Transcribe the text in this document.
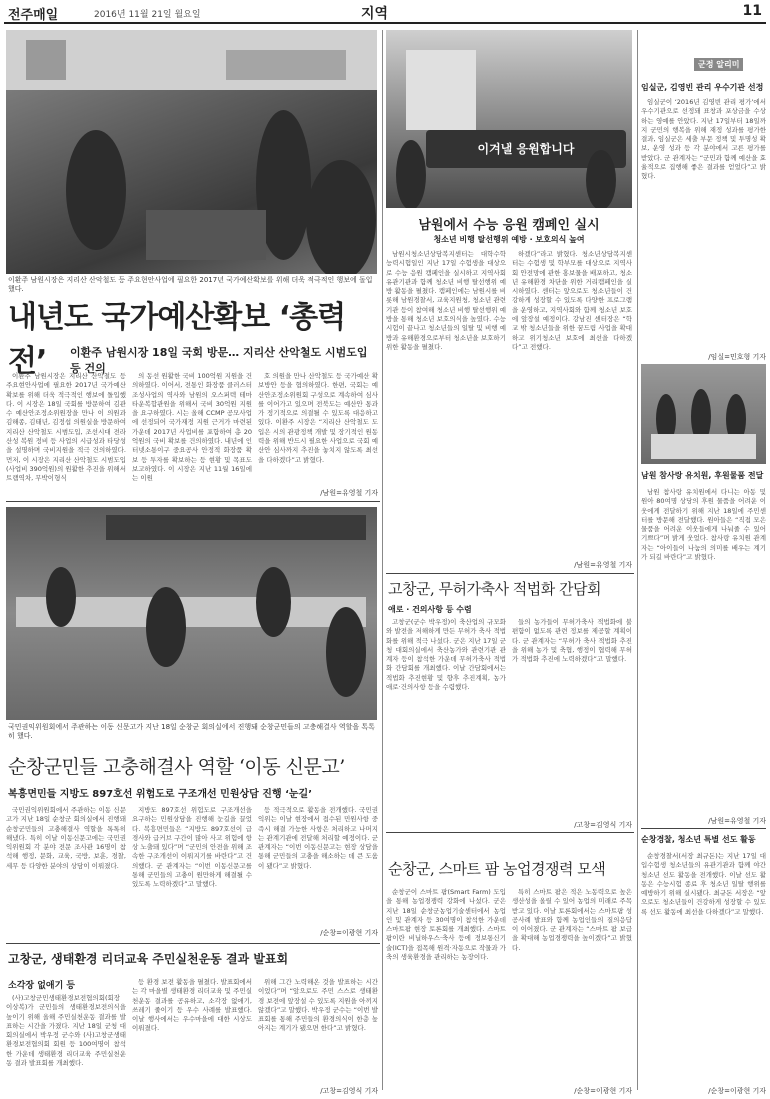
전주매일	2016년 11월 21일 월요일	지역	11
이환주 남원시장은 지리산 산악철도 등 주요현안사업에 필요한 2017년 국가예산확보를 위해 더욱 적극적인 행보에 돌입했다.
내년도 국가예산확보 ‘총력전’	이환주 남원시장 18일 국회 방문… 지리산 산악철도 시범도입 등 건의

이환주 남원시장은 지리산 산악철도 등 주요현안사업에 필요한 2017년 국가예산확보를 위해 더욱 적극적인 행보에 돌입했다. 이 시장은 18일 국회를 방문하여 김관수 예산안조정소위원장을 만나 이 의원과 김해종, 김태년, 김정섭 의원실을 방문하여 지리산 산악철도 시범도입, 조선시대 전라산성 복원 정비 등 사업의 시급성과 타당성을 설명하며 국비지원을 적극 건의하였다. 먼저, 이 시장은 지리산 산악철도 시범도입(사업비 390억원)의 원활한 추진을 위해서 트램역차, 무박이형식

의 동선 원활한 국비 100억원 지원을 건의하였다. 이어서, 전통인 화장품 클러스터조성사업의 역사와 남원의 오스퍼텍 테마타운복합관원을 위해서 국비 30억원 지원을 요구하였다. 시는 올해 CCMP 공모사업에 선정되어 국가재정 지원 근거가 마련된 가운데 2017년 사업비를 포함하여 총 20억원의 국비 확보를 건의하였다. 내년에 인터넷소통이구 중요공사 안정적 화장품 확보 등 투자를 확보하는 등 현황 및 목표도 보고하였다. 이 시장은 지난 11월 16일에는 이원

호 의원을 만나 산악철도 등 국가예산 확보방안 등을 협의하였다. 한편, 국회는 예산안조정소위원회 구성으로 계속하여 심사를 이어가고 있으며 전북도는 예산안 통과가 정기적으로 의결될 수 있도록 대응하고 있다. 이환주 시장은 “지리산 산악철도 도입은 시의 관광정책 개발 및 장기적인 원동력을 위해 반드시 필요한 사업으로 국회 예산안 심사까지 추진을 놓치지 않도록 최선을 다하겠다”고 밝혔다.

/남원=유영철 기자
이겨낼 응원합니다
남원에서 수능 응원 캠페인 실시
청소년 비행 탈선행위 예방 · 보호의식 높여

남원시청소년상담복지센터는 대학수학능력시험일인 지난 17일 수험생을 대상으로 수능 응원 캠페인을 실시하고 지역사회 유관기관과 함께 청소년 비행 탈선행위 예방 활동을 펼쳤다. 캠페인에는 남원시를 비롯해 남원경찰서, 교육지원청, 청소년 관련기관 등이 참여해 청소년 비행 탈선행위 예방을 통해 청소년 보호의식을 높였다. 수능시험이 끝나고 청소년들의 일탈 및 비행 예방과 유해환경으로부터 청소년을 보호하기 위한 활동을 펼쳤다.

하겠다”라고 밝혔다. 청소년상담복지센터는 수험생 및 학부모를 대상으로 지역사회 안전망에 관한 홍보물을 배포하고, 청소년 유해환경 차단을 위한 거리캠페인을 실시하였다. 센터는 앞으로도 청소년들이 건강하게 성장할 수 있도록 다양한 프로그램을 운영하고, 지역사회와 함께 청소년 보호에 앞장설 예정이다. 강남진 센터장은 “학교 밖 청소년들을 위한 꿈드림 사업을 확대하고 위기청소년 보호에 최선을 다하겠다”고 전했다.

/남원=유영철 기자
국민권익위원회에서 주관하는 이동 신문고가 지난 18일 순창군 회의실에서 진행돼 순창군민들의 고충해결사 역할을 톡톡히 했다.
순창군민들 고충해결사 역할 ‘이동 신문고’
복흥면민들 지방도 897호선 위험도로 구조개선 민원상담 진행 ‘눈길’

국민권익위원회에서 주관하는 이동 신문고가 지난 18일 순창군 회의실에서 진행돼 순창군민들의 고충해결사 역할을 톡톡히 해냈다. 특히 이날 이동신문고에는 국민권익위원회 각 분야 전문 조사관 16명이 참석해 행정, 문화, 교육, 국방, 보훈, 경찰, 세무 등 다양한 분야의 상담이 이뤄졌다.

지방도 897호선 위험도로 구조개선을 요구하는 민원상담을 진행해 눈길을 끌었다. 복흥면민들은 “지방도 897호선이 급경사와 급커브 구간이 많아 사고 위험에 항상 노출돼 있다”며 “군민의 안전을 위해 조속한 구조개선이 이뤄지기를 바란다”고 건의했다. 군 관계자는 “이번 이동신문고를 통해 군민들의 고충이 원만하게 해결될 수 있도록 노력하겠다”고 말했다.

등 적극적으로 활동을 전개했다. 국민권익위는 이날 현장에서 접수된 민원사항 중 즉시 해결 가능한 사항은 처리하고 나머지는 관계기관에 전달해 처리할 예정이다. 군 관계자는 “이번 이동신문고는 현장 상담을 통해 군민들의 고충을 해소하는 데 큰 도움이 됐다”고 밝혔다.

/순창=이광현 기자
고창군, 생태환경 리더교육 주민실천운동 결과 발표회
소각장 없애기 등

(사)고창군민생태환경보전협의회(회장 이상복)가 군민들의 생태환경보전의식을 높이기 위해 올해 주민실천운동 결과를 발표하는 시간을 가졌다. 지난 18일 군청 대회의실에서 박우정 군수와 (사)고창군생태환경보전협의회 회원 등 100여명이 참석한 가운데 생태환경 리더교육 주민실천운동 결과 발표회를 개최했다.

등 환경 보전 활동을 펼쳤다. 발표회에서는 각 마을별 생태환경 리더교육 및 주민실천운동 결과를 공유하고, 소각장 없애기, 쓰레기 줄이기 등 우수 사례를 발표했다. 이날 행사에서는 우수마을에 대한 시상도 이뤄졌다.

위해 그간 노력해온 것을 발표하는 시간이었다”며 “앞으로도 주민 스스로 생태환경 보전에 앞장설 수 있도록 지원을 아끼지 않겠다”고 말했다. 박우정 군수는 “이번 발표회를 통해 주민들의 환경의식이 한층 높아지는 계기가 됐으면 한다”고 밝혔다.

/고창=김영식 기자
고창군, 무허가축사 적법화 간담회
애로 · 건의사항 등 수렴

고창군(군수 박우정)이 축산업의 규모화와 발전을 저해하게 만든 무허가 축사 적법화를 위해 적극 나섰다. 군은 지난 17일 군청 대회의실에서 축산농가와 관련기관 관계자 등이 참석한 가운데 무허가축사 적법화 간담회를 개최했다. 이날 간담회에서는 적법화 추진현황 및 향후 추진계획, 농가 애로·건의사항 등을 수렴했다.

들의 농가들이 무허가축사 적법화에 불편함이 없도록 관련 정보를 제공할 계획이다. 군 관계자는 “무허가 축사 적법화 추진을 위해 농가 및 축협, 행정이 협력해 무허가 적법화 추진에 노력하겠다”고 말했다.

/고창=김영식 기자
순창군, 스마트 팜 농업경쟁력 모색

순창군이 스마트 팜(Smart Farm) 도입을 통해 농업경쟁력 강화에 나섰다. 군은 지난 18일 순창군농업기술센터에서 농업인 및 관계자 등 30여명이 참석한 가운데 스마트팜 현장 토론회를 개최했다. 스마트팜이란 비닐하우스·축사 등에 정보통신기술(ICT)을 접목해 원격·자동으로 작물과 가축의 생육환경을 관리하는 농장이다.

특히 스마트 팜은 적은 노동력으로 높은 생산성을 올릴 수 있어 농업의 미래로 주목받고 있다. 이날 토론회에서는 스마트팜 성공사례 발표와 함께 농업인들의 질의응답이 이어졌다. 군 관계자는 “스마트 팜 보급을 확대해 농업경쟁력을 높이겠다”고 밝혔다.

/순창=이광현 기자
군정 알리미
임실군, 김영빈 관리 우수기관 선정

임실군이 ‘2016년 김영빈 관리 평가’에서 우수기관으로 선정돼 표창과 포상금을 수상하는 영예를 안았다. 지난 17일부터 18일까지 군민의 행복을 위해 재정 성과를 평가한 결과, 임실군은 세출 부문 정책 및 투명성 확보, 운영 성과 등 각 분야에서 고른 평가를 받았다. 군 관계자는 “군민과 함께 예산을 효율적으로 집행해 좋은 결과를 얻었다”고 밝혔다.

/임실=민호형 기자
남원 참사랑 유치원, 후원물품 전달

남원 참사랑 유치원에서 다니는 아동 및 원아 80여명 상당의 후원 물품을 어려운 이웃에게 전달하기 위해 지난 18일에 주민센터를 방문해 전달했다. 원아들은 “직접 모은 물품을 어려운 이웃들에게 나눠줄 수 있어 기쁘다”며 밝게 웃었다. 참사랑 유치원 관계자는 “아이들이 나눔의 의미를 배우는 계기가 되길 바란다”고 밝혔다.

/남원=유영철 기자
순창경찰, 청소년 특별 선도 활동

순창경찰서(서장 최규돈)는 지난 17일 대입수험생 청소년들의 유관기관과 함께 야간 청소년 선도 활동을 전개했다. 이날 선도 활동은 수능시험 종료 후 청소년 일탈 행위를 예방하기 위해 실시됐다. 최규돈 서장은 “앞으로도 청소년들이 건강하게 성장할 수 있도록 선도 활동에 최선을 다하겠다”고 말했다.

/순창=이광현 기자
